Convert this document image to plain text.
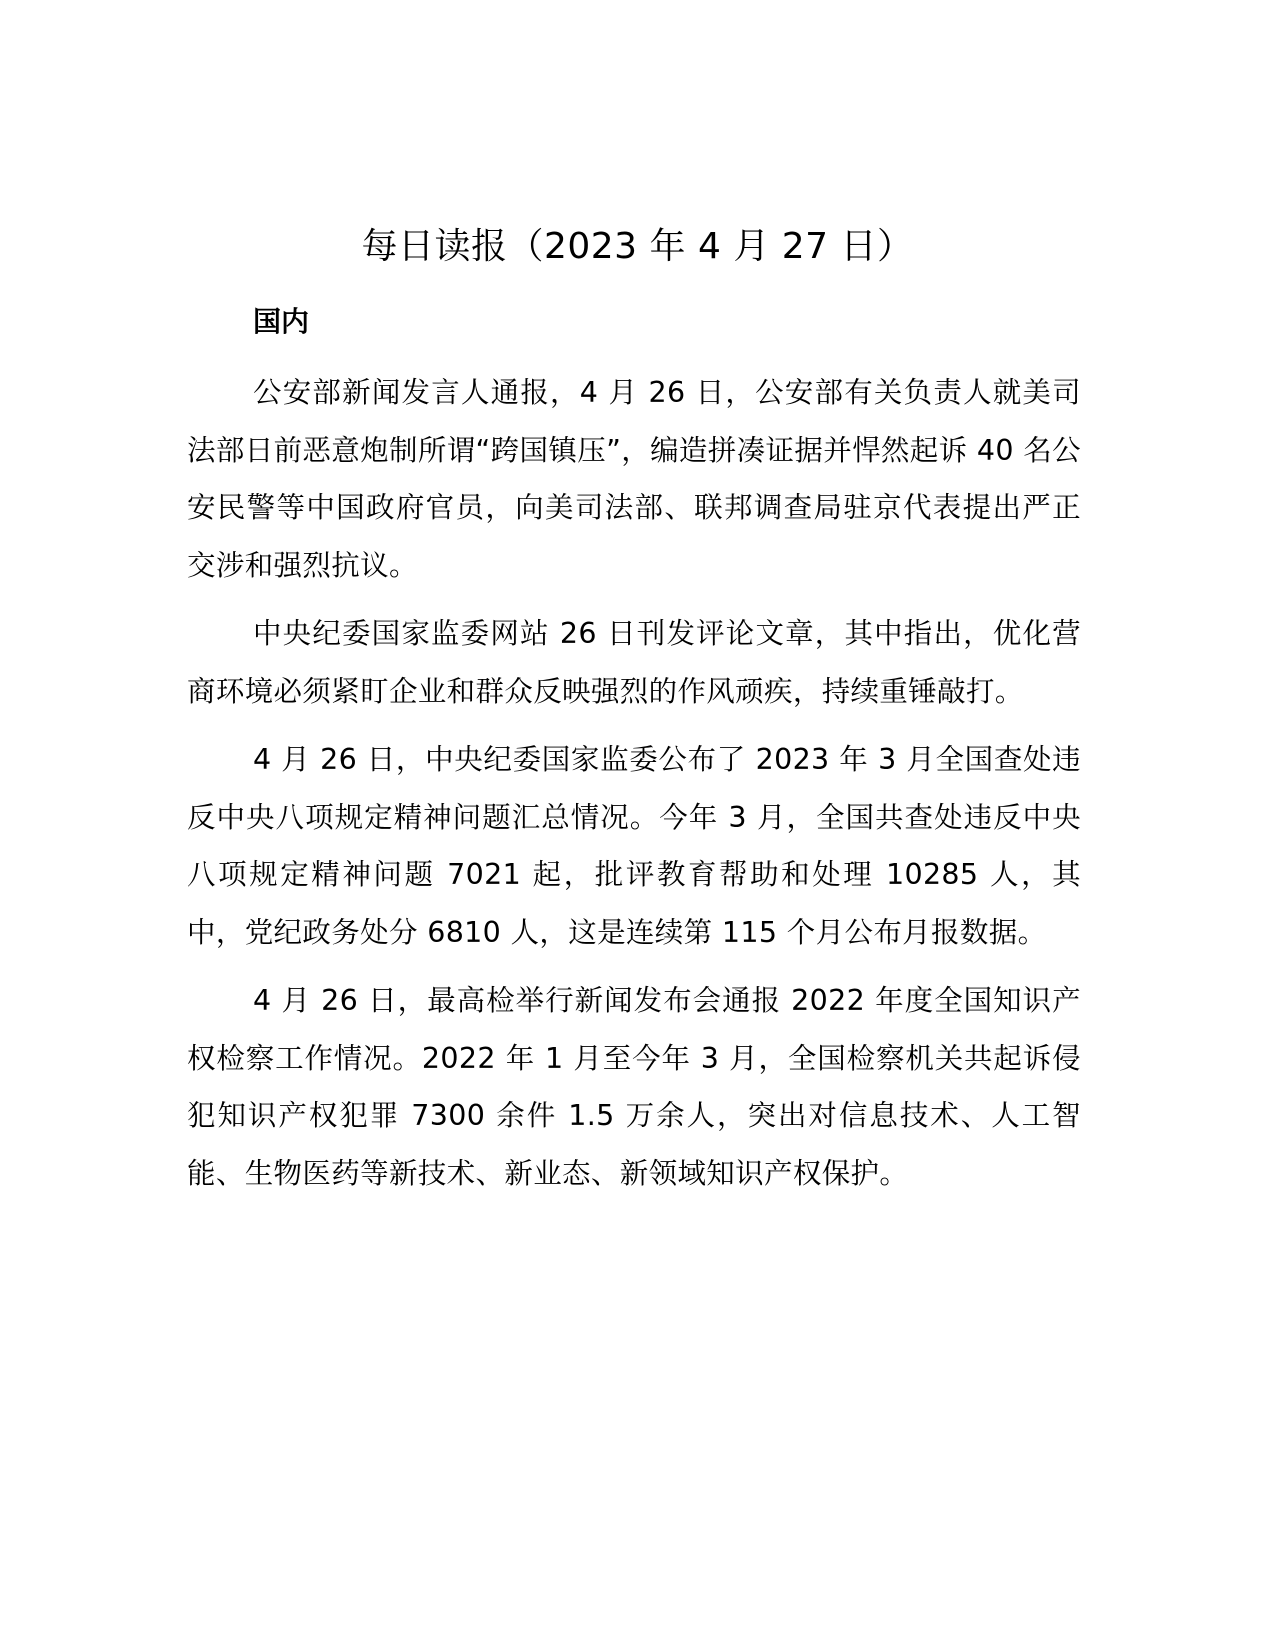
每日读报（2023 年 4 月 27 日）
国内

公安部新闻发言人通报，4 月 26 日，公安部有关负责人就美司法部日前恶意炮制所谓“跨国镇压”，编造拼凑证据并悍然起诉 40 名公安民警等中国政府官员，向美司法部、联邦调查局驻京代表提出严正交涉和强烈抗议。

中央纪委国家监委网站 26 日刊发评论文章，其中指出，优化营商环境必须紧盯企业和群众反映强烈的作风顽疾，持续重锤敲打。

4 月 26 日，中央纪委国家监委公布了 2023 年 3 月全国查处违反中央八项规定精神问题汇总情况。今年 3 月，全国共查处违反中央八项规定精神问题 7021 起，批评教育帮助和处理 10285 人，其中，党纪政务处分 6810 人，这是连续第 115 个月公布月报数据。

4 月 26 日，最高检举行新闻发布会通报 2022 年度全国知识产权检察工作情况。2022 年 1 月至今年 3 月，全国检察机关共起诉侵犯知识产权犯罪 7300 余件 1.5 万余人，突出对信息技术、人工智能、生物医药等新技术、新业态、新领域知识产权保护。
